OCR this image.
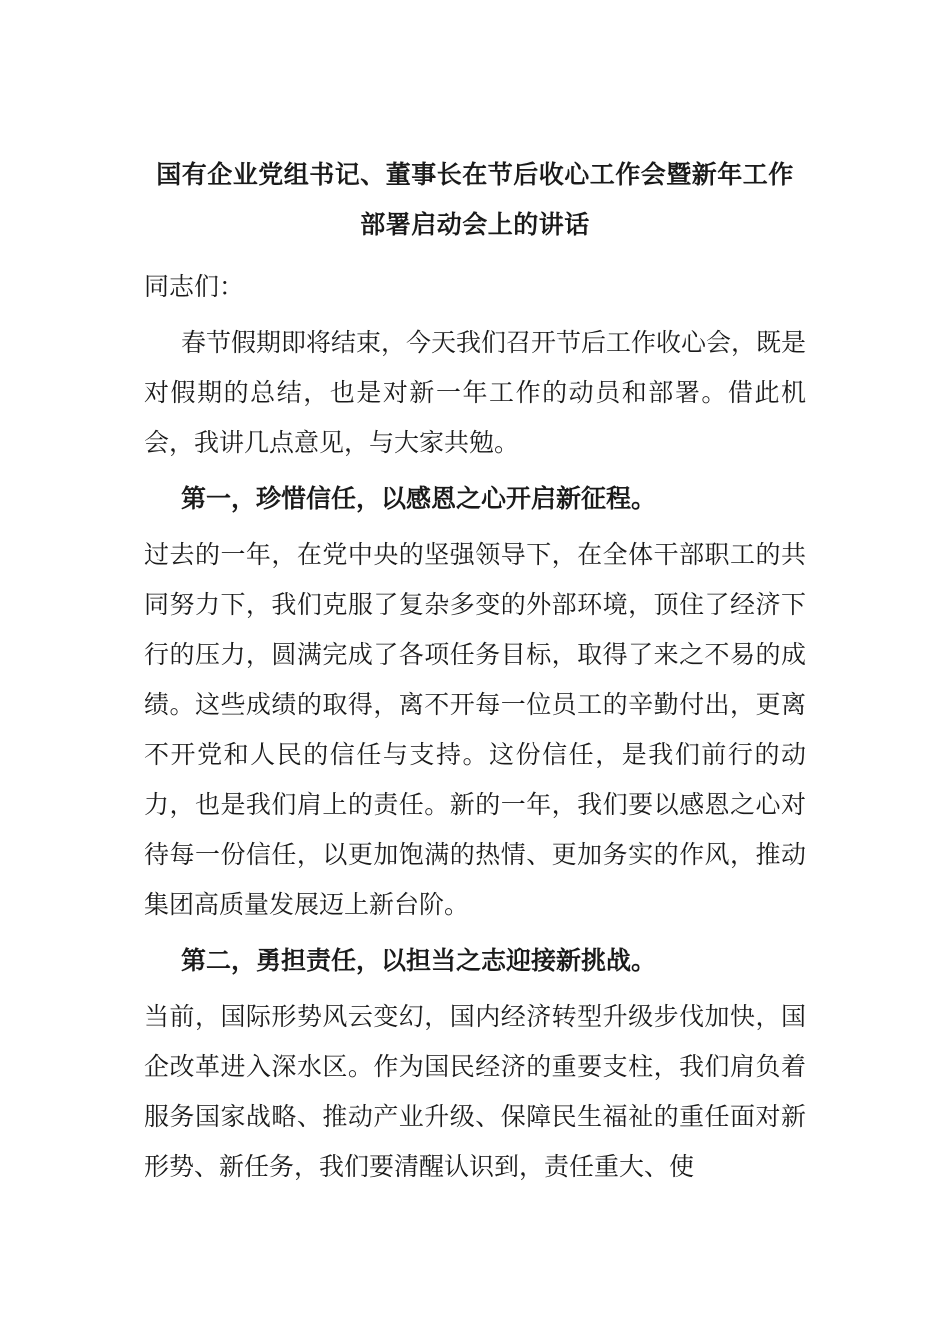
国有企业党组书记、董事长在节后收心工作会暨新年工作部署启动会上的讲话

同志们：

春节假期即将结束，今天我们召开节后工作收心会，既是对假期的总结，也是对新一年工作的动员和部署。借此机会，我讲几点意见，与大家共勉。

第一，珍惜信任，以感恩之心开启新征程。

过去的一年，在党中央的坚强领导下，在全体干部职工的共同努力下，我们克服了复杂多变的外部环境，顶住了经济下行的压力，圆满完成了各项任务目标，取得了来之不易的成绩。这些成绩的取得，离不开每一位员工的辛勤付出，更离不开党和人民的信任与支持。这份信任，是我们前行的动力，也是我们肩上的责任。新的一年，我们要以感恩之心对待每一份信任，以更加饱满的热情、更加务实的作风，推动集团高质量发展迈上新台阶。

第二，勇担责任，以担当之志迎接新挑战。

当前，国际形势风云变幻，国内经济转型升级步伐加快，国企改革进入深水区。作为国民经济的重要支柱，我们肩负着服务国家战略、推动产业升级、保障民生福祉的重任面对新形势、新任务，我们要清醒认识到，责任重大、使
